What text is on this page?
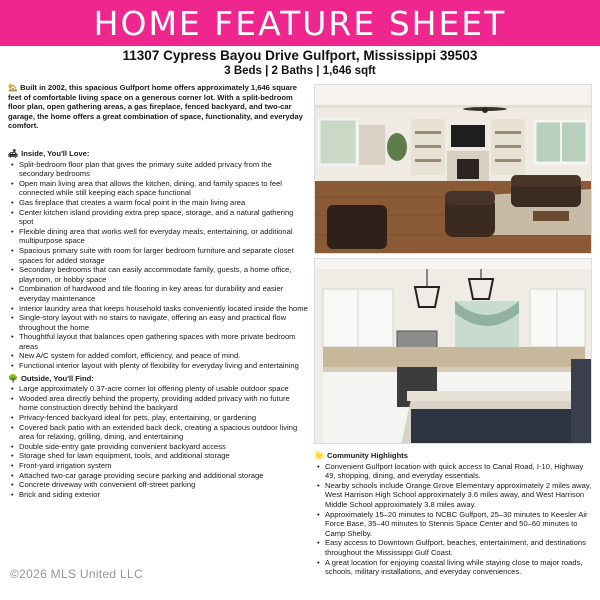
HOME FEATURE SHEET
11307 Cypress Bayou Drive Gulfport, Mississippi 39503
3 Beds | 2 Baths | 1,646 sqft
🏡 Built in 2002, this spacious Gulfport home offers approximately 1,646 square feet of comfortable living space on a generous corner lot. With a split-bedroom floor plan, open gathering areas, a gas fireplace, fenced backyard, and two-car garage, the home offers a great combination of space, functionality, and everyday comfort.
🛋 Inside, You'll Love:
• Split-bedroom floor plan that gives the primary suite added privacy from the secondary bedrooms
• Open main living area that allows the kitchen, dining, and family spaces to feel connected while still keeping each space functional
• Gas fireplace that creates a warm focal point in the main living area
• Center kitchen island providing extra prep space, storage, and a natural gathering spot
• Flexible dining area that works well for everyday meals, entertaining, or additional multipurpose space
• Spacious primary suite with room for larger bedroom furniture and separate closet spaces for added storage
• Secondary bedrooms that can easily accommodate family, guests, a home office, playroom, or hobby space
• Combination of hardwood and tile flooring in key areas for durability and easier everyday maintenance
• Interior laundry area that keeps household tasks conveniently located inside the home
• Single-story layout with no stairs to navigate, offering an easy and practical flow throughout the home
• Thoughtful layout that balances open gathering spaces with more private bedroom areas
• New A/C system for added comfort, efficiency, and peace of mind.
• Functional interior layout with plenty of flexibility for everyday living and entertaining
🌳 Outside, You'll Find:
• Large approximately 0.37-acre corner lot offering plenty of usable outdoor space
• Wooded area directly behind the property, providing added privacy with no future home construction directly behind the backyard
• Privacy-fenced backyard ideal for pets, play, entertaining, or gardening
• Covered back patio with an extended back deck, creating a spacious outdoor living area for relaxing, grilling, dining, and entertaining
• Double side-entry gate providing convenient backyard access
• Storage shed for lawn equipment, tools, and additional storage
• Front-yard irrigation system
• Attached two-car garage providing secure parking and additional storage
• Concrete driveway with convenient off-street parking
• Brick and siding exterior
🌟 Community Highlights
• Convenient Gulfport location with quick access to Canal Road, I-10, Highway 49, shopping, dining, and everyday essentials.
• Nearby schools include Orange Grove Elementary approximately 2 miles away, West Harrison High School approximately 3.6 miles away, and West Harrison Middle School approximately 3.8 miles away.
• Approximately 15–20 minutes to NCBC Gulfport, 25–30 minutes to Keesler Air Force Base, 35–40 minutes to Stennis Space Center and 50–60 minutes to Camp Shelby.
• Easy access to Downtown Gulfport, beaches, entertainment, and destinations throughout the Mississippi Gulf Coast.
• A great location for enjoying coastal living while staying close to major roads, schools, military installations, and everyday conveniences.
©2026 MLS United LLC
